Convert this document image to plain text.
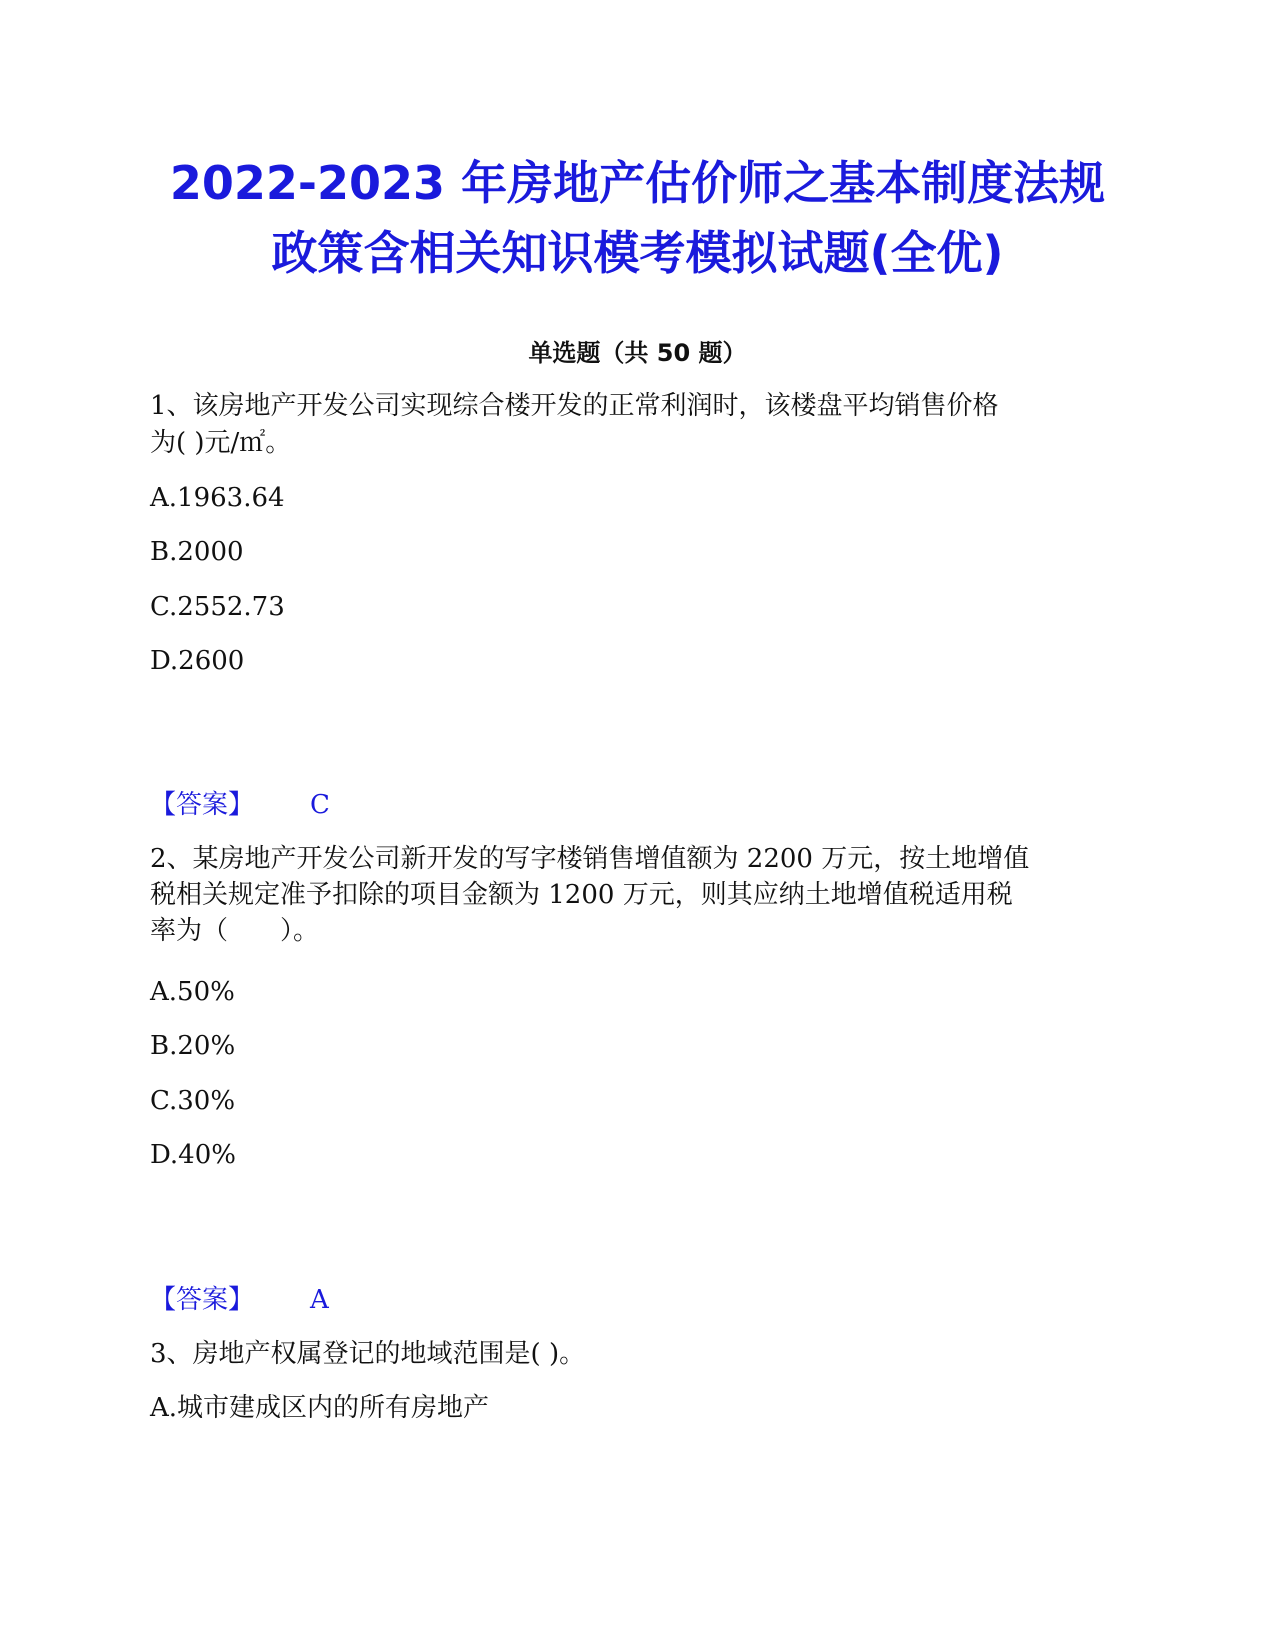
2022-2023 年房地产估价师之基本制度法规
政策含相关知识模考模拟试题(全优)
单选题（共 50 题）
1、该房地产开发公司实现综合楼开发的正常利润时，该楼盘平均销售价格
为( )元/㎡。
A.1963.64
B.2000
C.2552.73
D.2600
【答案】 C
2、某房地产开发公司新开发的写字楼销售增值额为 2200 万元，按土地增值
税相关规定准予扣除的项目金额为 1200 万元，则其应纳土地增值税适用税
率为（　　）。
A.50%
B.20%
C.30%
D.40%
【答案】 A
3、房地产权属登记的地域范围是( )。
A.城市建成区内的所有房地产
